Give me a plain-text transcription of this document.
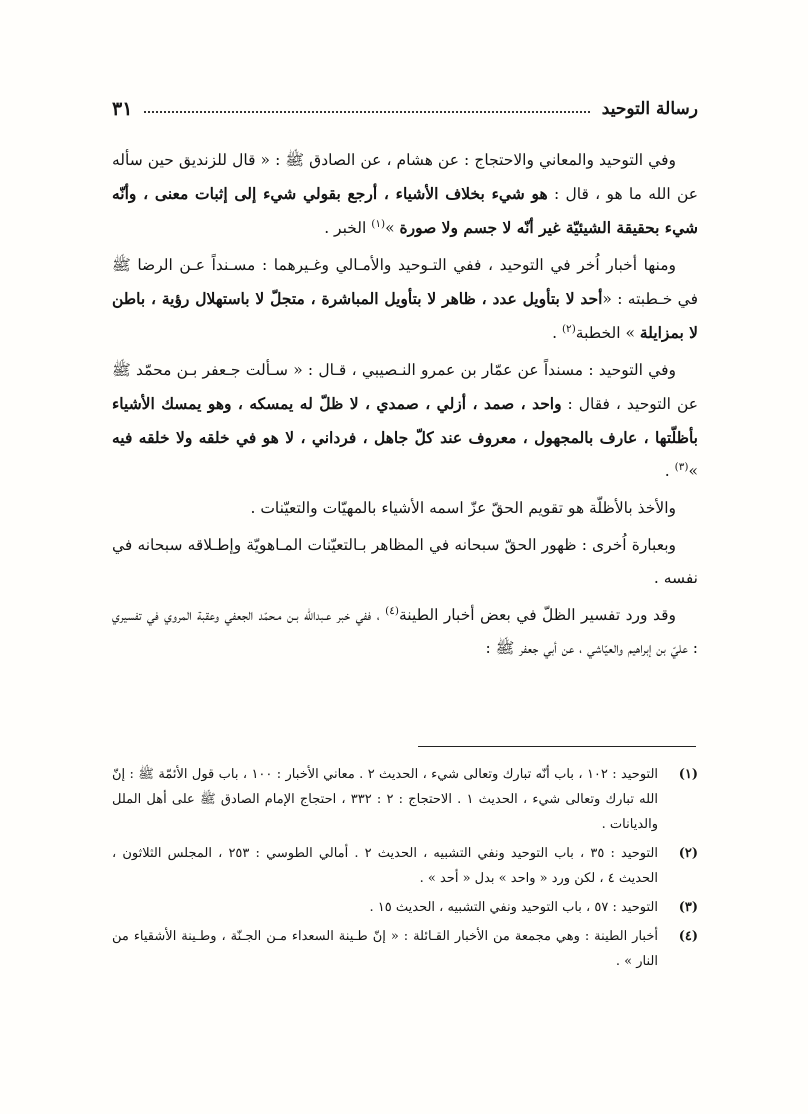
٣١	رسالة التوحيد

وفي التوحيد والمعاني والاحتجاج : عن هشام ، عن الصادق ﷺ : « قال للزنديق حين سأله عن الله ما هو ، قال : هو شيء بخلاف الأشياء ، أرجع بقولي شيء إلى إثبات معنى ، وأنّه شيء بحقيقة الشيئيّة غير أنّه لا جسم ولا صورة »$^{(١)}$ الخبر .

ومنها أخبار اُخر في التوحيد ، ففي التـوحيد والأمـالي وغـيرهما : مسـنداً عـن الرضا ﷺ في خـطبته : «أحد لا بتأويل عدد ، ظاهر لا بتأويل المباشرة ، متجلّ لا باستهلال رؤية ، باطن لا بمزايلة » الخطبة$^{(٢)}$ .

وفي التوحيد : مسنداً عن عمّار بن عمرو النـصيبي ، قـال : « سـألت جـعفر بـن محمّد ﷺ عن التوحيد ، فقال : واحد ، صمد ، أزلي ، صمدي ، لا ظلّ له يمسكه ، وهو يمسك الأشياء بأظلّتها ، عارف بالمجهول ، معروف عند كلّ جاهل ، فرداني ، لا هو في خلقه ولا خلقه فيه »$^{(٣)}$ .

والأخذ بالأظلّة هو تقويم الحقّ عزّ اسمه الأشياء بالمهيّات والتعيّنات .

وبعبارة اُخرى : ظهور الحقّ سبحانه في المظاهر بـالتعيّنات المـاهويّة وإطـلاقه سبحانه في نفسه .

وقد ورد تفسير الظلّ في بعض أخبار الطينة$^{(٤)}$ ، ففي خبر عـبدالله بـن مـحمّد الجعفي وعقبة المروي في تفسيري : عليّ بن إبراهيم والعيّاشي ، عن أبي جعفر ﷺ :

(١)
التوحيد : ١٠٢ ، باب أنّه تبارك وتعالى شيء ، الحديث ٢ . معاني الأخبار : ١٠٠ ، باب قول الأئمّة ﷺ : إنّ الله تبارك وتعالى شيء ، الحديث ١ . الاحتجاج : ٢ : ٣٣٢ ، احتجاج الإمام الصادق ﷺ على أهل الملل والديانات .
(٢)
التوحيد : ٣٥ ، باب التوحيد ونفي التشبيه ، الحديث ٢ . أمالي الطوسي : ٢٥٣ ، المجلس الثلاثون ، الحديث ٤ ، لكن ورد « واحد » بدل « أحد » .
(٣)
التوحيد : ٥٧ ، باب التوحيد ونفي التشبيه ، الحديث ١٥ .
(٤)
أخبار الطينة : وهي مجمعة من الأخبار القـائلة : « إنّ طـينة السعداء مـن الجـنّة ، وطـينة الأشقياء من النار » .
